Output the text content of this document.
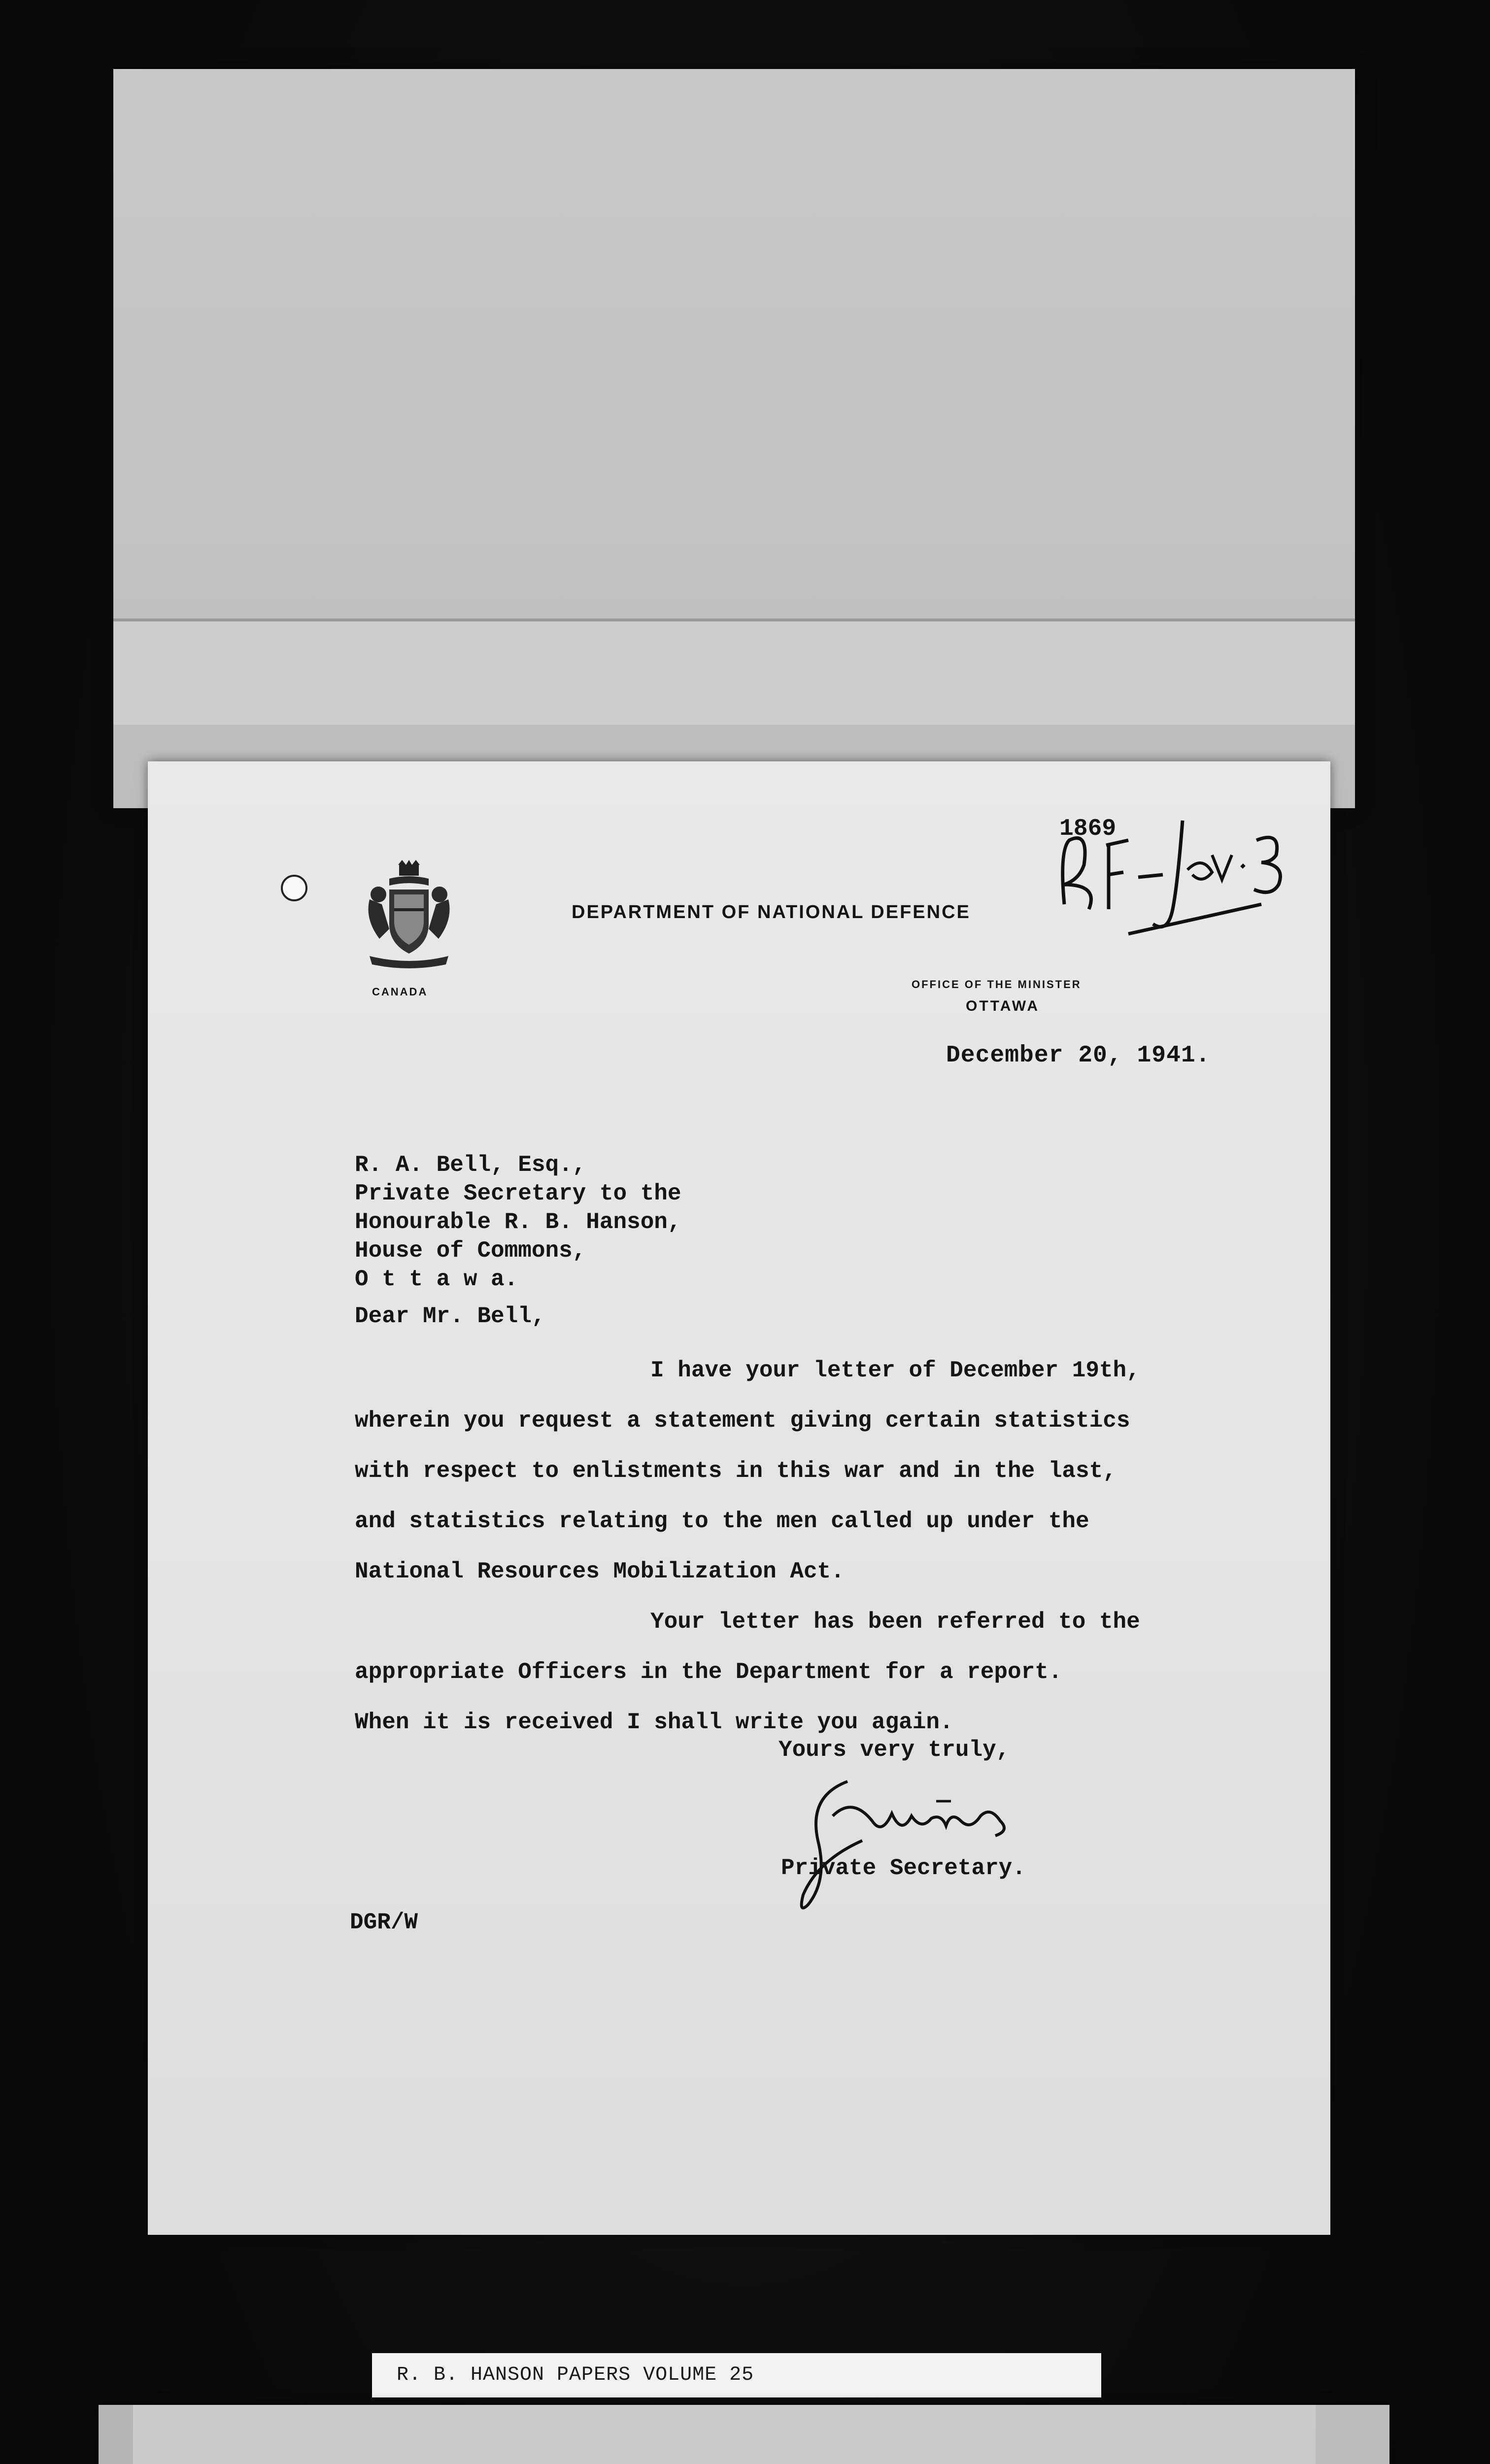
CANADA
DEPARTMENT OF NATIONAL DEFENCE
OFFICE OF THE MINISTER
OTTAWA
1869
December 20, 1941.
R. A. Bell, Esq.,
Private Secretary to the
Honourable R. B. Hanson,
House of Commons,
O t t a w a.
Dear Mr. Bell,
I have your letter of December 19th,
wherein you request a statement giving certain statistics
with respect to enlistments in this war and in the last,
and statistics relating to the men called up under the
National Resources Mobilization Act.
Your letter has been referred to the
appropriate Officers in the Department for a report.
When it is received I shall write you again.
Yours very truly,
Private Secretary.
DGR/W
R. B. HANSON PAPERS VOLUME 25
